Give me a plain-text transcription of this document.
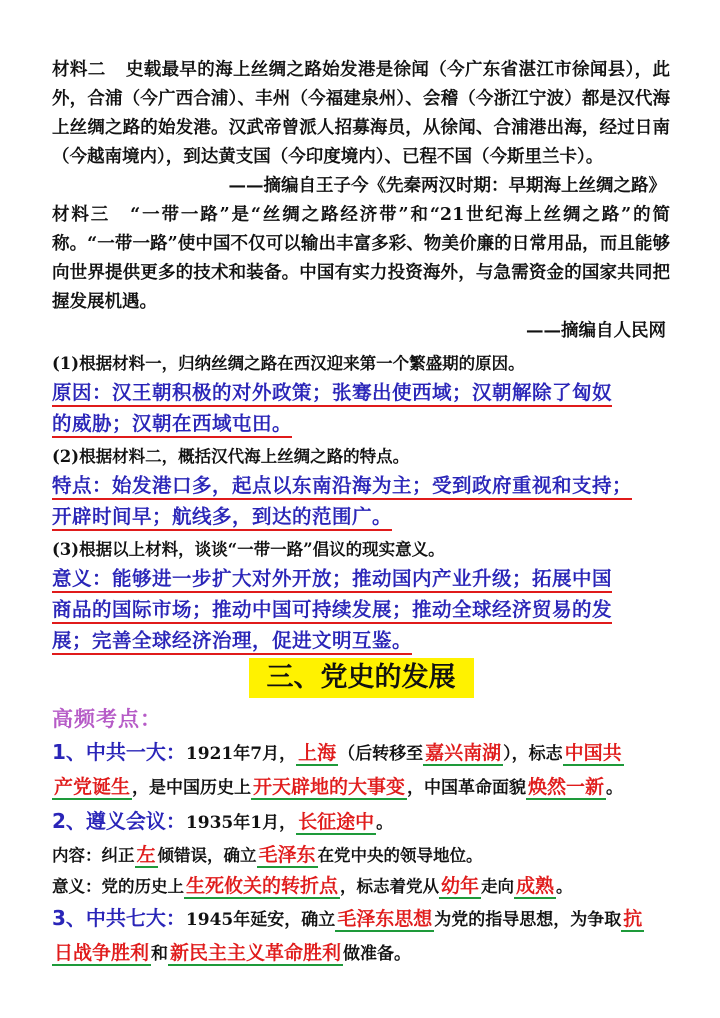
材料二 史载最早的海上丝绸之路始发港是徐闻（今广东省湛江市徐闻县），此外，合浦（今广西合浦）、丰州（今福建泉州）、会稽（今浙江宁波）都是汉代海上丝绸之路的始发港。汉武帝曾派人招募海员，从徐闻、合浦港出海，经过日南（今越南境内），到达黄支国（今印度境内）、已程不国（今斯里兰卡）。

——摘编自王子今《先秦两汉时期：早期海上丝绸之路》

材料三 “一带一路”是“丝绸之路经济带”和“21世纪海上丝绸之路”的简称。“一带一路”使中国不仅可以输出丰富多彩、物美价廉的日常用品，而且能够向世界提供更多的技术和装备。中国有实力投资海外，与急需资金的国家共同把握发展机遇。

——摘编自人民网

(1)根据材料一，归纳丝绸之路在西汉迎来第一个繁盛期的原因。

原因：汉王朝积极的对外政策；张骞出使西域；汉朝解除了匈奴
的威胁；汉朝在西域屯田。

(2)根据材料二，概括汉代海上丝绸之路的特点。

特点：始发港口多，起点以东南沿海为主；受到政府重视和支持；
开辟时间早；航线多，到达的范围广。

(3)根据以上材料，谈谈“一带一路”倡议的现实意义。

意义：能够进一步扩大对外开放；推动国内产业升级；拓展中国
商品的国际市场；推动中国可持续发展；推动全球经济贸易的发
展；完善全球经济治理，促进文明互鉴。

三、党史的发展

高频考点：

1、中共一大：1921年7月， 上海 （后转移至 嘉兴南湖 ），标志 中国共
产党诞生 ，是中国历史上 开天辟地的大事变 ，中国革命面貌 焕然一新 。

2、遵义会议：1935年1月， 长征途中 。

内容：纠正 左 倾错误，确立 毛泽东 在党中央的领导地位。

意义：党的历史上 生死攸关的转折点 ，标志着党从 幼年 走向 成熟 。

3、中共七大：1945年延安，确立 毛泽东思想 为党的指导思想，为争取 抗
日战争胜利 和 新民主主义革命胜利 做准备。
